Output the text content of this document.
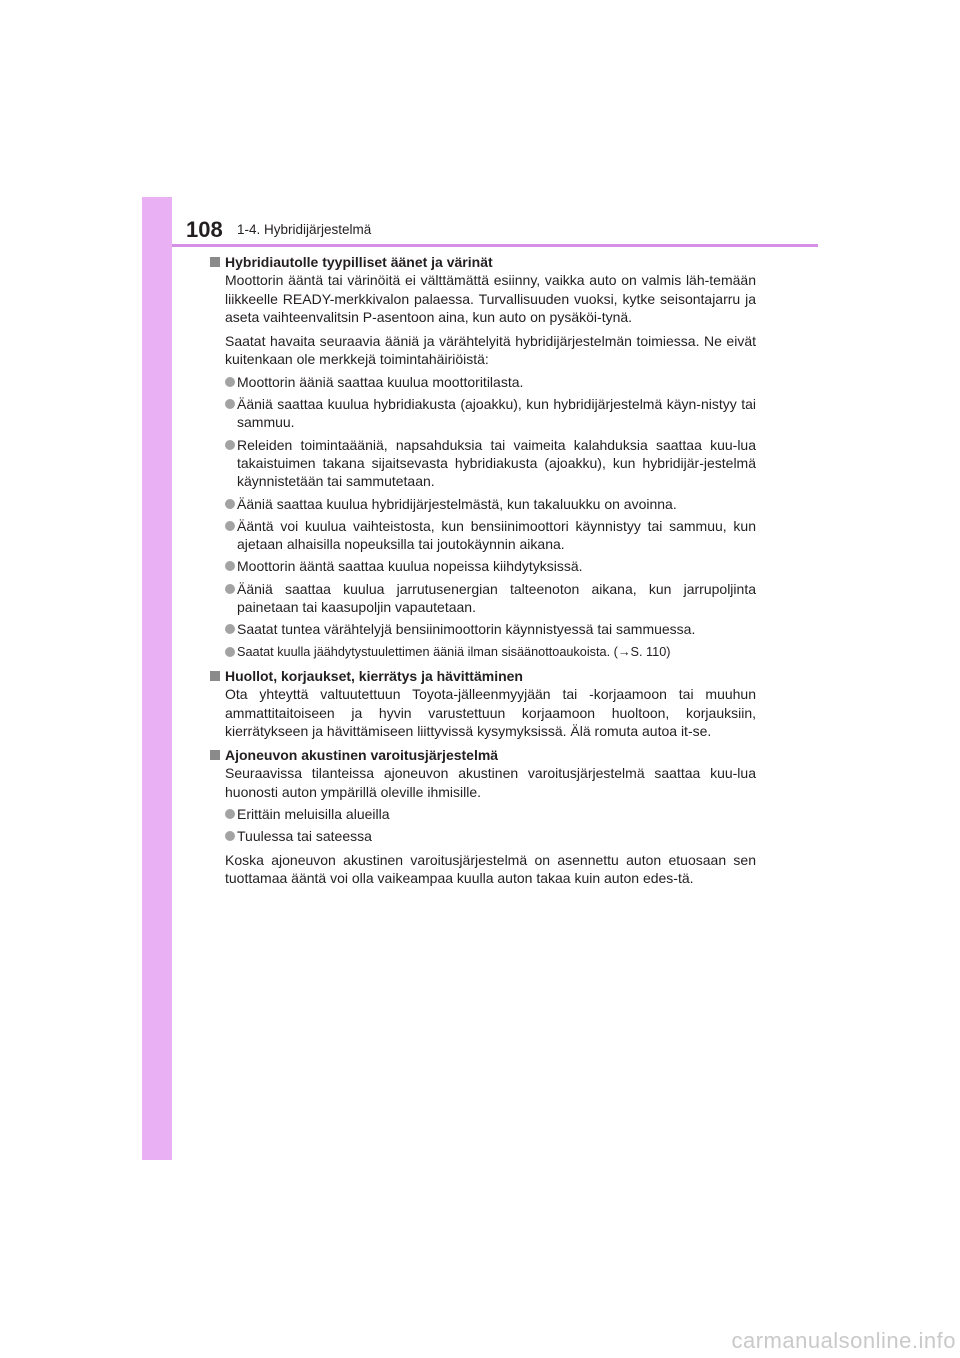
108 1-4. Hybridijärjestelmä
Hybridiautolle tyypilliset äänet ja värinät
Moottorin ääntä tai värinöitä ei välttämättä esiinny, vaikka auto on valmis läh-temään liikkeelle READY-merkkivalon palaessa. Turvallisuuden vuoksi, kytke seisontajarru ja aseta vaihteenvalitsin P-asentoon aina, kun auto on pysäköi-tynä.
Saatat havaita seuraavia ääniä ja värähtelyitä hybridijärjestelmän toimiessa. Ne eivät kuitenkaan ole merkkejä toimintahäiriöistä:
Moottorin ääniä saattaa kuulua moottoritilasta.
Ääniä saattaa kuulua hybridiakusta (ajoakku), kun hybridijärjestelmä käyn-nistyy tai sammuu.
Releiden toimintaääniä, napsahduksia tai vaimeita kalahduksia saattaa kuu-lua takaistuimen takana sijaitsevasta hybridiakusta (ajoakku), kun hybridijär-jestelmä käynnistetään tai sammutetaan.
Ääniä saattaa kuulua hybridijärjestelmästä, kun takaluukku on avoinna.
Ääntä voi kuulua vaihteistosta, kun bensiinimoottori käynnistyy tai sammuu, kun ajetaan alhaisilla nopeuksilla tai joutokäynnin aikana.
Moottorin ääntä saattaa kuulua nopeissa kiihdytyksissä.
Ääniä saattaa kuulua jarrutusenergian talteenoton aikana, kun jarrupoljinta painetaan tai kaasupoljin vapautetaan.
Saatat tuntea värähtelyjä bensiinimoottorin käynnistyessä tai sammuessa.
Saatat kuulla jäähdytystuulettimen ääniä ilman sisäänottoaukoista. (→S. 110)
Huollot, korjaukset, kierrätys ja hävittäminen
Ota yhteyttä valtuutettuun Toyota-jälleenmyyjään tai -korjaamoon tai muuhun ammattitaitoiseen ja hyvin varustettuun korjaamoon huoltoon, korjauksiin, kierrätykseen ja hävittämiseen liittyvissä kysymyksissä. Älä romuta autoa it-se.
Ajoneuvon akustinen varoitusjärjestelmä
Seuraavissa tilanteissa ajoneuvon akustinen varoitusjärjestelmä saattaa kuu-lua huonosti auton ympärillä oleville ihmisille.
Erittäin meluisilla alueilla
Tuulessa tai sateessa
Koska ajoneuvon akustinen varoitusjärjestelmä on asennettu auton etuosaan sen tuottamaa ääntä voi olla vaikeampaa kuulla auton takaa kuin auton edes-tä.
carmanualsonline.info
